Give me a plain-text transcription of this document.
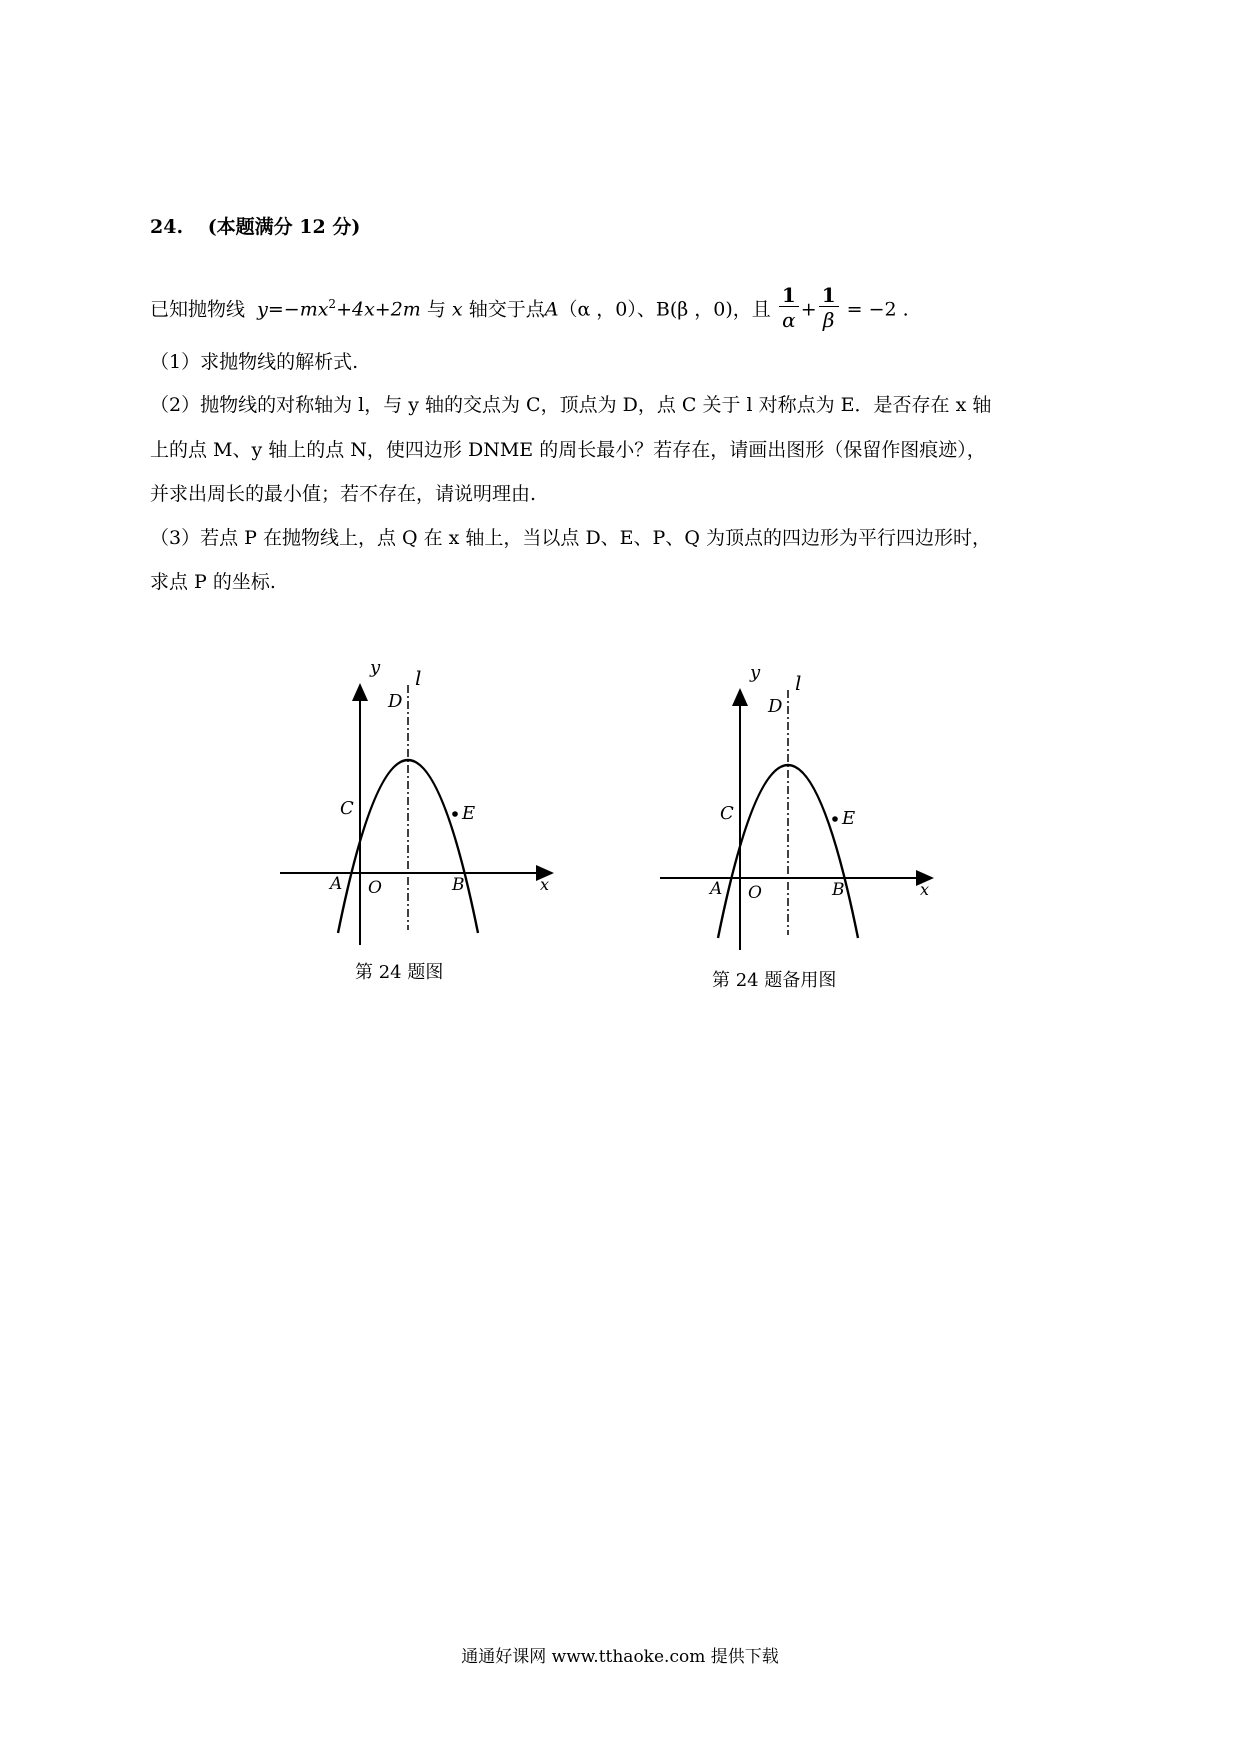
24. (本题满分 12 分)
已知抛物线 $y=-mx^2+4x+2m$ 与 x 轴交于点A（α ，0）、B(β ，0)，且 $\frac{1}{\alpha} + \frac{1}{\beta} = -2$ .
（1）求抛物线的解析式.
（2）抛物线的对称轴为 l，与 y 轴的交点为 C，顶点为 D，点 C 关于 l 对称点为 E．是否存在 x 轴
上的点 M、y 轴上的点 N，使四边形 DNME 的周长最小？若存在，请画出图形（保留作图痕迹），
并求出周长的最小值；若不存在，请说明理由.
（3）若点 P 在抛物线上，点 Q 在 x 轴上，当以点 D、E、P、Q 为顶点的四边形为平行四边形时，
求点 P 的坐标.
y l
D
C	E
A O	B	x
第 24 题图
y l
D
C	E
A O	B	x
第 24 题备用图
通通好课网 www.tthaoke.com 提供下载
